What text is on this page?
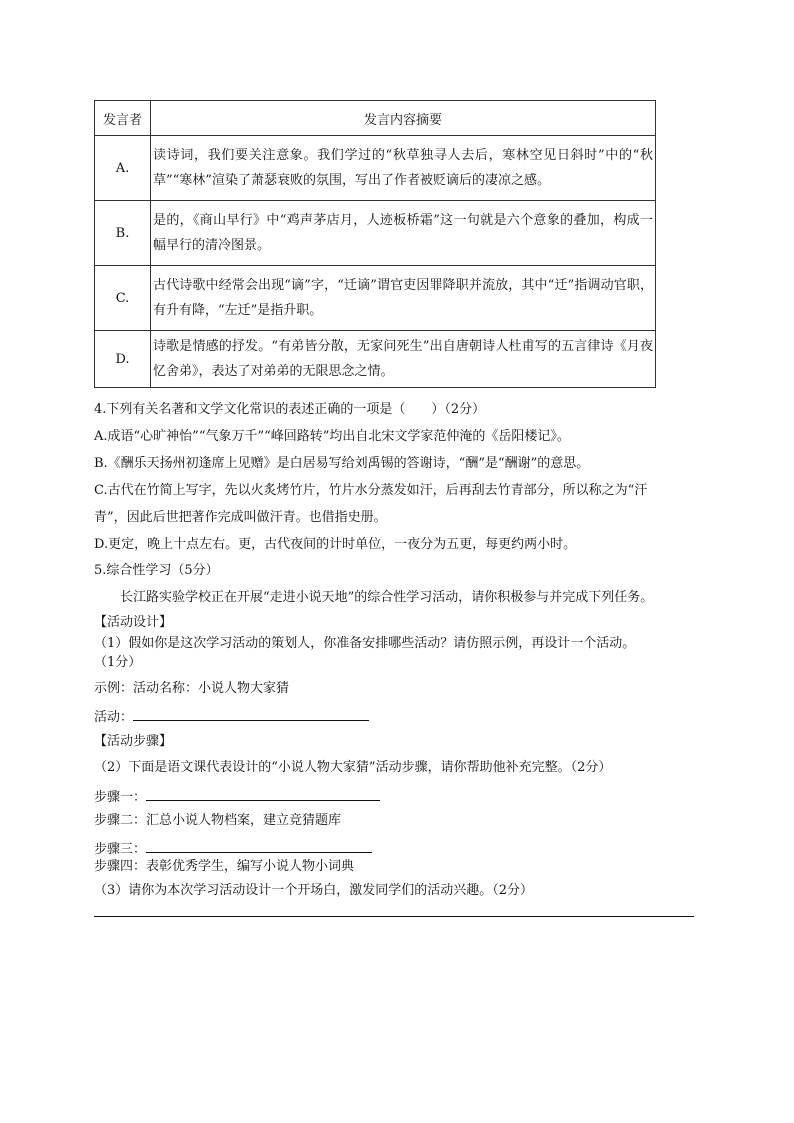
发言者	发言内容摘要
A.	读诗词，我们要关注意象。我们学过的“秋草独寻人去后，寒林空见日斜时”中的“秋草”“寒林”渲染了萧瑟衰败的氛围，写出了作者被贬谪后的凄凉之感。
B.	是的，《商山早行》中“鸡声茅店月，人迹板桥霜”这一句就是六个意象的叠加，构成一幅早行的清冷图景。
C.	古代诗歌中经常会出现“谪”字，“迁谪”谓官吏因罪降职并流放，其中“迁”指调动官职，有升有降，“左迁”是指升职。
D.	诗歌是情感的抒发。“有弟皆分散，无家问死生”出自唐朝诗人杜甫写的五言律诗《月夜忆舍弟》，表达了对弟弟的无限思念之情。
4.下列有关名著和文学文化常识的表述正确的一项是（　　）（2分）
A.成语“心旷神怡”“气象万千”“峰回路转”均出自北宋文学家范仲淹的《岳阳楼记》。
B.《酬乐天扬州初逢席上见赠》是白居易写给刘禹锡的答谢诗，“酬”是“酬谢”的意思。
C.古代在竹简上写字，先以火炙烤竹片，竹片水分蒸发如汗，后再刮去竹青部分，所以称之为“汗
青”，因此后世把著作完成叫做汗青。也借指史册。
D.更定，晚上十点左右。更，古代夜间的计时单位，一夜分为五更，每更约两小时。
5.综合性学习（5分）
长江路实验学校正在开展“走进小说天地”的综合性学习活动，请你积极参与并完成下列任务。
【活动设计】
（1）假如你是这次学习活动的策划人，你准备安排哪些活动？请仿照示例，再设计一个活动。
（1分）
示例：活动名称：小说人物大家猜
活动：
【活动步骤】
（2）下面是语文课代表设计的“小说人物大家猜”活动步骤，请你帮助他补充完整。（2分）
步骤一：
步骤二：汇总小说人物档案，建立竞猜题库
步骤三：
步骤四：表彰优秀学生，编写小说人物小词典
（3）请你为本次学习活动设计一个开场白，激发同学们的活动兴趣。（2分）
